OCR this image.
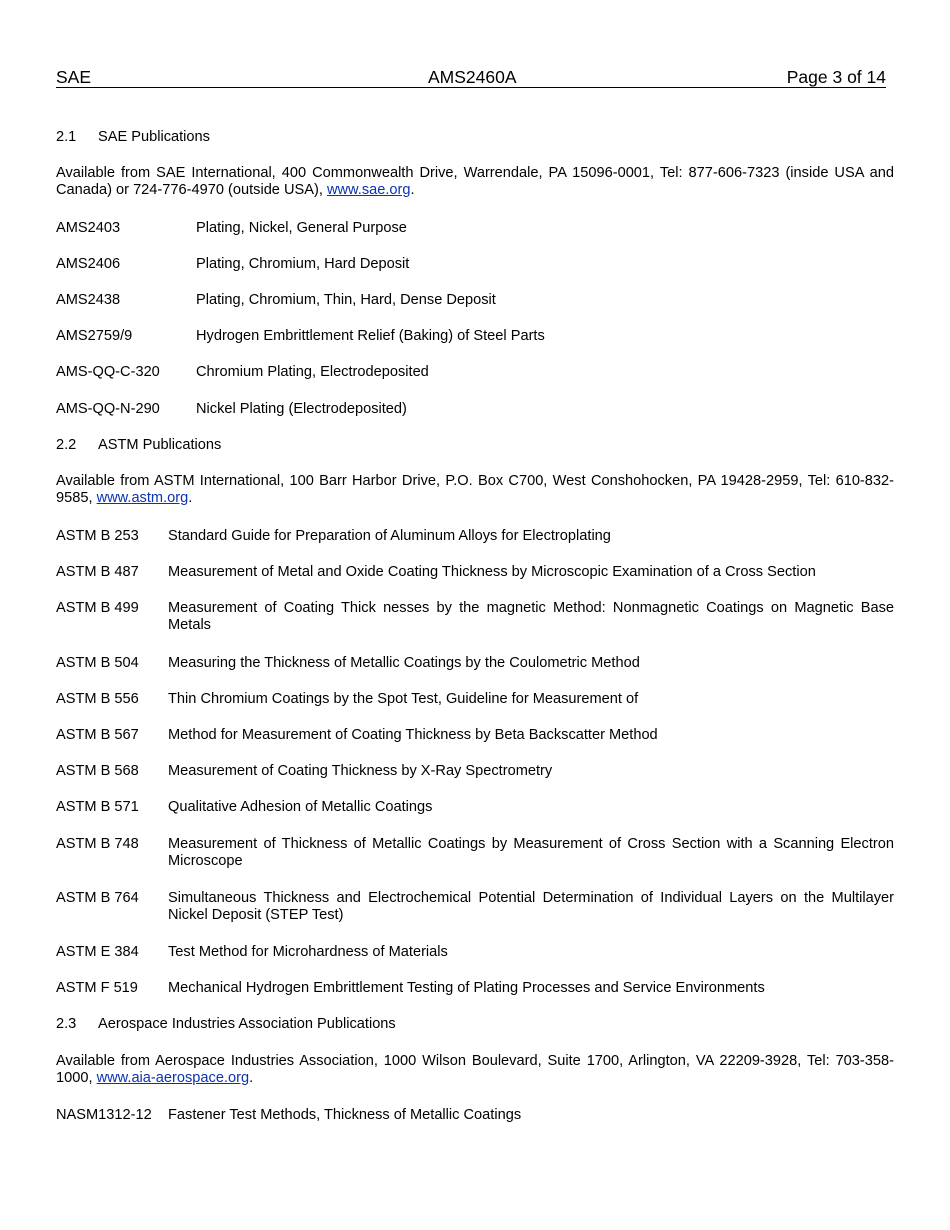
SAE	AMS2460A	Page 3 of 14
2.1 SAE Publications
Available from SAE International, 400 Commonwealth Drive, Warrendale, PA 15096-0001, Tel: 877-606-7323 (inside USA and Canada) or 724-776-4970 (outside USA), www.sae.org.
AMS2403	Plating, Nickel, General Purpose
AMS2406	Plating, Chromium, Hard Deposit
AMS2438	Plating, Chromium, Thin, Hard, Dense Deposit
AMS2759/9	Hydrogen Embrittlement Relief (Baking) of Steel Parts
AMS-QQ-C-320 Chromium Plating, Electrodeposited
AMS-QQ-N-290 Nickel Plating (Electrodeposited)
2.2 ASTM Publications
Available from ASTM International, 100 Barr Harbor Drive, P.O. Box C700, West Conshohocken, PA 19428-2959, Tel: 610-832-9585, www.astm.org.
ASTM B 253 Standard Guide for Preparation of Aluminum Alloys for Electroplating
ASTM B 487 Measurement of Metal and Oxide Coating Thickness by Microscopic Examination of a Cross Section
ASTM B 499 Measurement of Coating Thick nesses by the magnetic Method: Nonmagnetic Coatings on Magnetic Base Metals
ASTM B 504 Measuring the Thickness of Metallic Coatings by the Coulometric Method
ASTM B 556 Thin Chromium Coatings by the Spot Test, Guideline for Measurement of
ASTM B 567 Method for Measurement of Coating Thickness by Beta Backscatter Method
ASTM B 568 Measurement of Coating Thickness by X-Ray Spectrometry
ASTM B 571 Qualitative Adhesion of Metallic Coatings
ASTM B 748 Measurement of Thickness of Metallic Coatings by Measurement of Cross Section with a Scanning Electron Microscope
ASTM B 764 Simultaneous Thickness and Electrochemical Potential Determination of Individual Layers on the Multilayer Nickel Deposit (STEP Test)
ASTM E 384 Test Method for Microhardness of Materials
ASTM F 519 Mechanical Hydrogen Embrittlement Testing of Plating Processes and Service Environments
2.3 Aerospace Industries Association Publications
Available from Aerospace Industries Association, 1000 Wilson Boulevard, Suite 1700, Arlington, VA 22209-3928, Tel: 703-358-1000, www.aia-aerospace.org.
NASM1312-12 Fastener Test Methods, Thickness of Metallic Coatings
